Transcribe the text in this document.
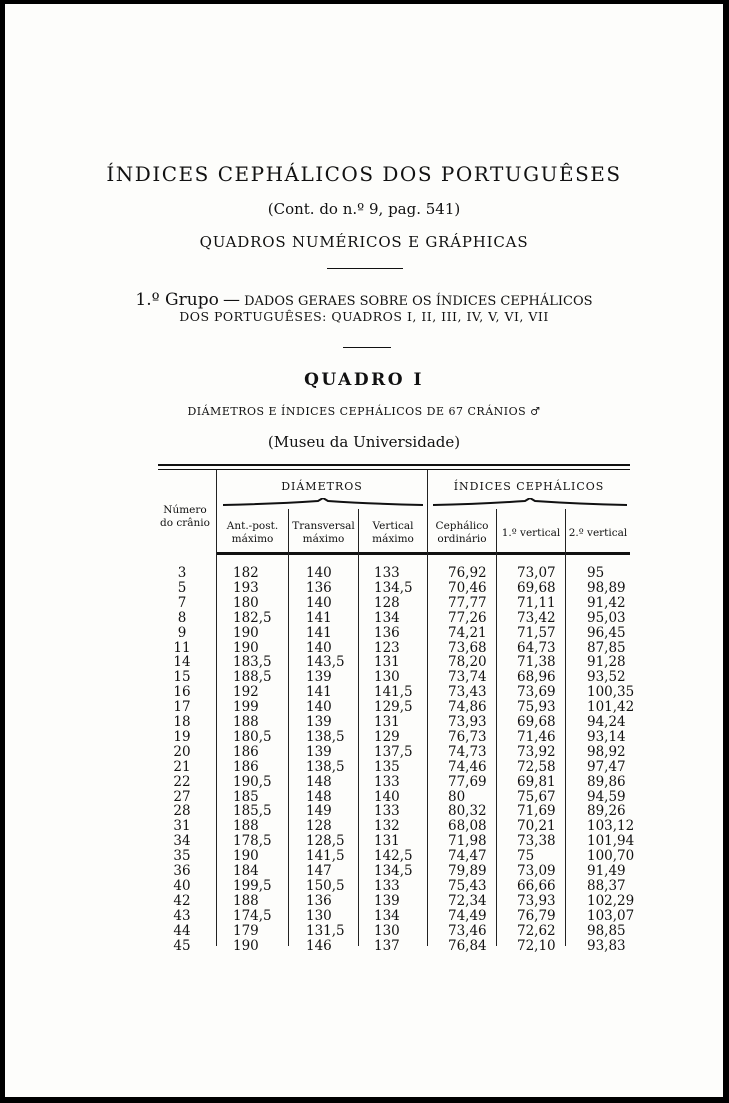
ÍNDICES CEPHÁLICOS DOS PORTUGUÊSES
(Cont. do n.º 9, pag. 541)
QUADROS NUMÉRICOS E GRÁPHICAS
1.º Grupo — DADOS GERAES SOBRE OS ÍNDICES CEPHÁLICOS
DOS PORTUGUÊSES: QUADROS I, II, III, IV, V, VI, VII
QUADRO I
DIÁMETROS E ÍNDICES CEPHÁLICOS DE 67 CRÁNIOS ♂
(Museu da Universidade)
DIÁMETROS	ÍNDICES CEPHÁLICOS
Número
do crânio	Ant.-post.
máximo
Transversal
máximo
Vertical
máximo
Cephálico
ordinário	1.º vertical 2.º vertical
3	182	140	133	76,92 73,07 95
5	193	136	134,5	70,46 69,68 98,89
7	180	140	128	77,77 71,11 91,42
8	182,5	141	134	77,26 73,42 95,03
9	190	141	136	74,21 71,57 96,45
11	190	140	123	73,68 64,73 87,85
14	183,5	143,5 131	78,20 71,38 91,28
15	188,5	139	130	73,74 68,96 93,52
16	192	141	141,5	73,43 73,69 100,35
17	199	140	129,5	74,86 75,93 101,42
18	188	139	131	73,93 69,68 94,24
19	180,5	138,5 129	76,73 71,46 93,14
20	186	139	137,5	74,73 73,92 98,92
21	186	138,5 135	74,46 72,58 97,47
22	190,5	148	133	77,69 69,81 89,86
27	185	148	140	80	75,67 94,59
28	185,5	149	133	80,32 71,69 89,26
31	188	128	132	68,08 70,21 103,12
34	178,5	128,5 131	71,98 73,38 101,94
35	190	141,5 142,5	74,47 75	100,70
36	184	147	134,5	79,89 73,09 91,49
40	199,5	150,5 133	75,43 66,66 88,37
42	188	136	139	72,34 73,93 102,29
43	174,5	130	134	74,49 76,79 103,07
44	179	131,5 130	73,46 72,62 98,85
45	190	146	137	76,84 72,10 93,83
